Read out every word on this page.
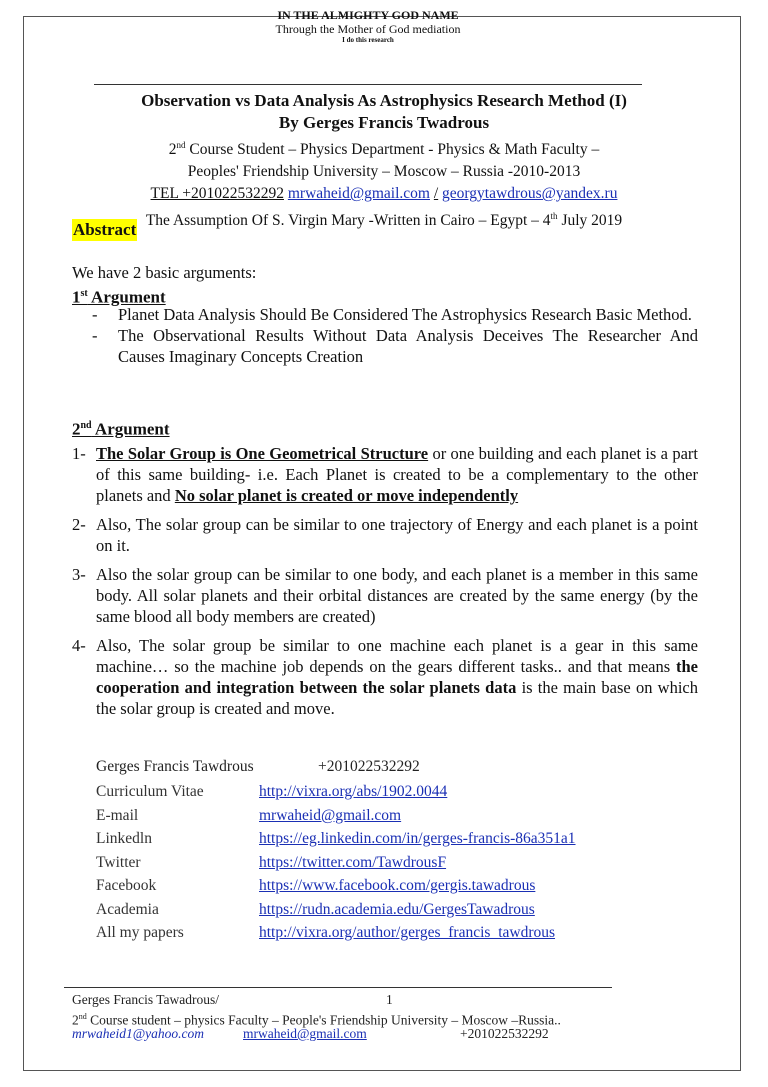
IN THE ALMIGHTY GOD NAME
Through the Mother of God mediation
I do this research
Observation vs Data Analysis As Astrophysics Research Method (I)
By Gerges Francis Twadrous
2nd Course Student – Physics Department - Physics & Math Faculty –
Peoples' Friendship University – Moscow – Russia -2010-2013
TEL +201022532292 mrwaheid@gmail.com / georgytawdrous@yandex.ru
The Assumption Of S. Virgin Mary -Written in Cairo – Egypt – 4th July 2019
Abstract
We have 2 basic arguments:
1st Argument
- Planet Data Analysis Should Be Considered The Astrophysics Research Basic Method.
- The Observational Results Without Data Analysis Deceives The Researcher And Causes Imaginary Concepts Creation
2nd Argument
1- The Solar Group is One Geometrical Structure or one building and each planet is a part of this same building- i.e. Each Planet is created to be a complementary to the other planets and No solar planet is created or move independently
2- Also, The solar group can be similar to one trajectory of Energy and each planet is a point on it.
3- Also the solar group can be similar to one body, and each planet is a member in this same body. All solar planets and their orbital distances are created by the same energy (by the same blood all body members are created)
4- Also, The solar group be similar to one machine each planet is a gear in this same machine… so the machine job depends on the gears different tasks.. and that means the cooperation and integration between the solar planets data is the main base on which the solar group is created and move.
Gerges Francis Tawdrous	+201022532292
Curriculum Vitae	http://vixra.org/abs/1902.0044
E-mail	mrwaheid@gmail.com
Linkedln	https://eg.linkedin.com/in/gerges-francis-86a351a1
Twitter	https://twitter.com/TawdrousF
Facebook	https://www.facebook.com/gergis.tawadrous
Academia	https://rudn.academia.edu/GergesTawadrous
All my papers	http://vixra.org/author/gerges_francis_tawdrous
Gerges Francis Tawadrous/	1
2nd Course student – physics Faculty – People's Friendship University – Moscow –Russia..
mrwaheid1@yahoo.com	mrwaheid@gmail.com	+201022532292
